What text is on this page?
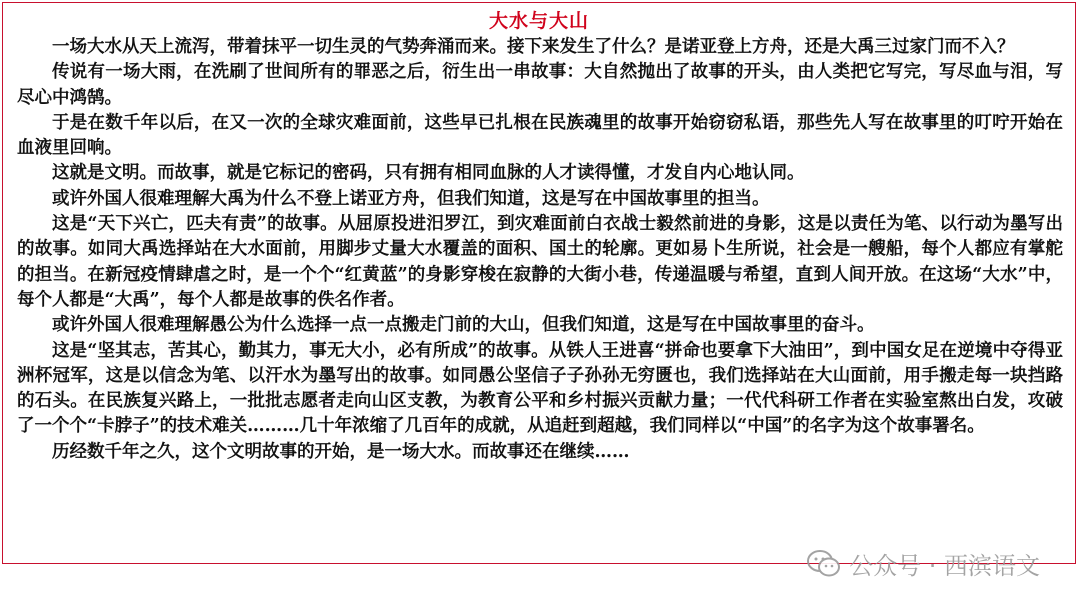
大水与大山

一场大水从天上流泻，带着抹平一切生灵的气势奔涌而来。接下来发生了什么？是诺亚登上方舟，还是大禹三过家门而不入？

传说有一场大雨，在洗刷了世间所有的罪恶之后，衍生出一串故事：大自然抛出了故事的开头，由人类把它写完，写尽血与泪，写尽心中鸿鹄。

于是在数千年以后，在又一次的全球灾难面前，这些早已扎根在民族魂里的故事开始窃窃私语，那些先人写在故事里的叮咛开始在血液里回响。

这就是文明。而故事，就是它标记的密码，只有拥有相同血脉的人才读得懂，才发自内心地认同。

或许外国人很难理解大禹为什么不登上诺亚方舟，但我们知道，这是写在中国故事里的担当。

这是“天下兴亡，匹夫有责”的故事。从屈原投进汨罗江，到灾难面前白衣战士毅然前进的身影，这是以责任为笔、以行动为墨写出的故事。如同大禹选择站在大水面前，用脚步丈量大水覆盖的面积、国土的轮廓。更如易卜生所说，社会是一艘船，每个人都应有掌舵的担当。在新冠疫情肆虐之时，是一个个“红黄蓝”的身影穿梭在寂静的大街小巷，传递温暖与希望，直到人间开放。在这场“大水”中，每个人都是“大禹”，每个人都是故事的佚名作者。

或许外国人很难理解愚公为什么选择一点一点搬走门前的大山，但我们知道，这是写在中国故事里的奋斗。

这是“坚其志，苦其心，勤其力，事无大小，必有所成”的故事。从铁人王进喜“拼命也要拿下大油田”，到中国女足在逆境中夺得亚洲杯冠军，这是以信念为笔、以汗水为墨写出的故事。如同愚公坚信子子孙孙无穷匮也，我们选择站在大山面前，用手搬走每一块挡路的石头。在民族复兴路上，一批批志愿者走向山区支教，为教育公平和乡村振兴贡献力量；一代代科研工作者在实验室熬出白发，攻破了一个个“卡脖子”的技术难关………几十年浓缩了几百年的成就，从追赶到超越，我们同样以“中国”的名字为这个故事署名。

历经数千年之久，这个文明故事的开始，是一场大水。而故事还在继续……

公众号 · 西滨语文
